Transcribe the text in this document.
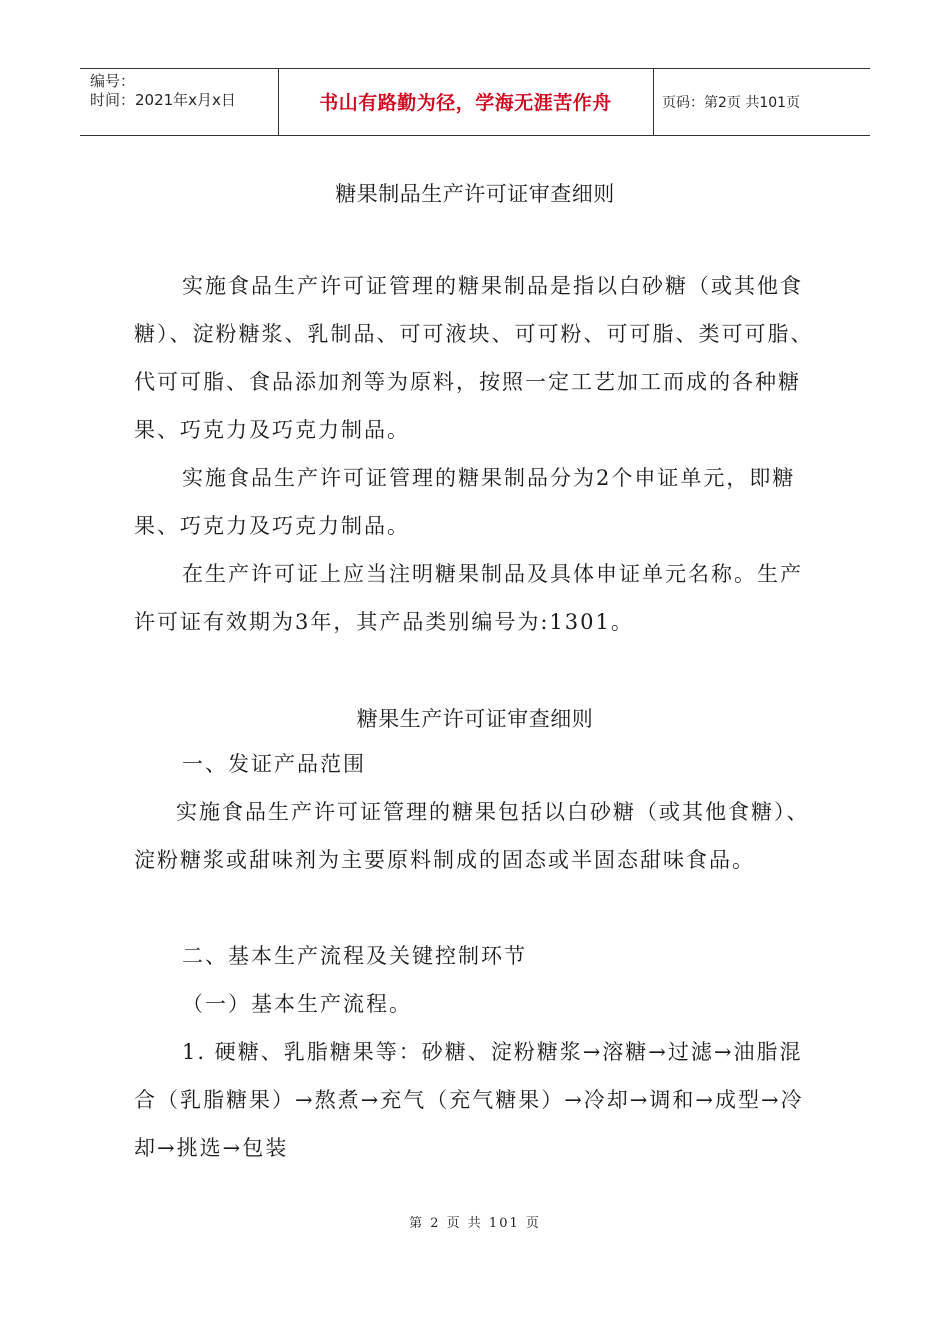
编号：
时间：2021年x月x日	书山有路勤为径，学海无涯苦作舟	页码：第2页 共101页
糖果制品生产许可证审查细则

实施食品生产许可证管理的糖果制品是指以白砂糖（或其他食糖）、淀粉糖浆、乳制品、可可液块、可可粉、可可脂、类可可脂、代可可脂、食品添加剂等为原料，按照一定工艺加工而成的各种糖果、巧克力及巧克力制品。

实施食品生产许可证管理的糖果制品分为2个申证单元，即糖果、巧克力及巧克力制品。

在生产许可证上应当注明糖果制品及具体申证单元名称。生产许可证有效期为3年，其产品类别编号为:1301。

糖果生产许可证审查细则

一、发证产品范围

实施食品生产许可证管理的糖果包括以白砂糖（或其他食糖）、淀粉糖浆或甜味剂为主要原料制成的固态或半固态甜味食品。

二、基本生产流程及关键控制环节

（一）基本生产流程。

1. 硬糖、乳脂糖果等：砂糖、淀粉糖浆→溶糖→过滤→油脂混合（乳脂糖果）→熬煮→充气（充气糖果）→冷却→调和→成型→冷却→挑选→包装

第 2 页 共 101 页
